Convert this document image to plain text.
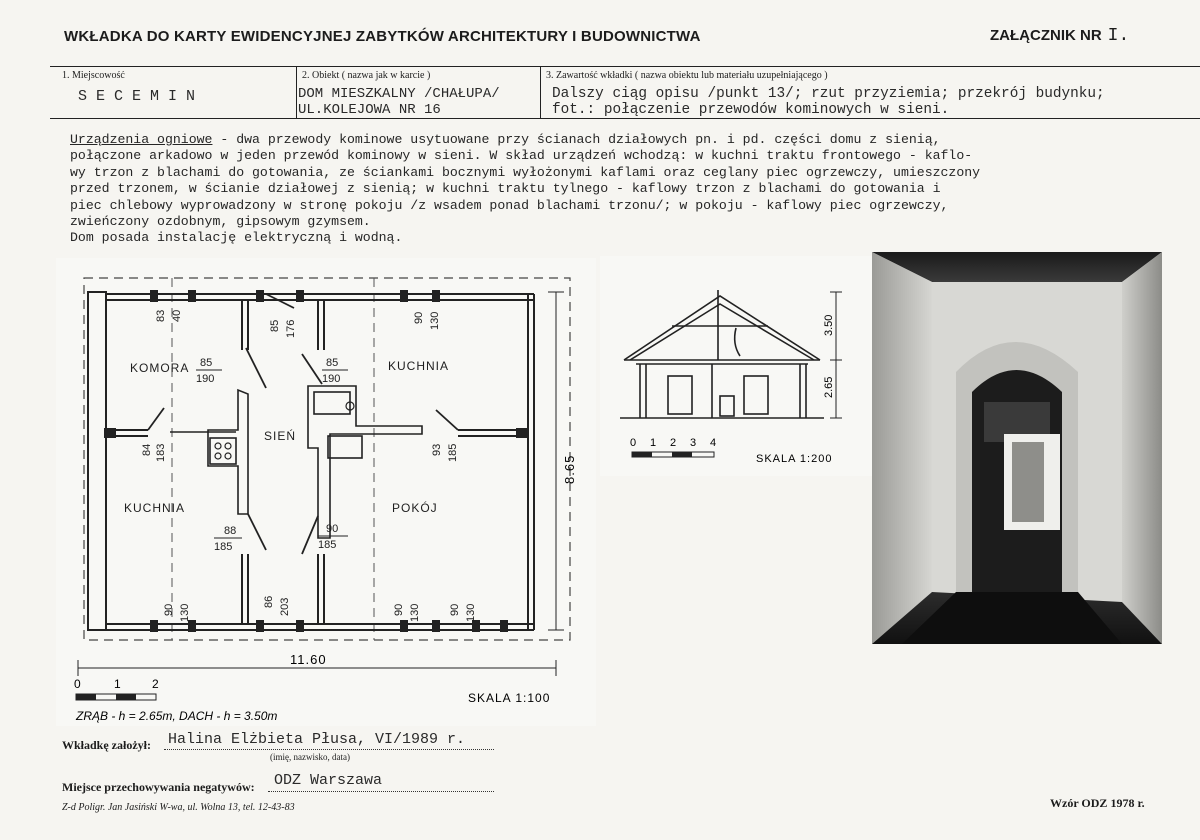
WKŁADKA DO KARTY EWIDENCYJNEJ ZABYTKÓW ARCHITEKTURY I BUDOWNICTWA	ZAŁĄCZNIK NR I.
1. Miejscowość
S E C E M I N
2. Obiekt ( nazwa jak w karcie )
DOM MIESZKALNY /CHAŁUPA/
UL.KOLEJOWA NR 16
3. Zawartość wkładki ( nazwa obiektu lub materiału uzupełniającego )
Dalszy ciąg opisu /punkt 13/; rzut przyziemia; przekrój budynku;
fot.: połączenie przewodów kominowych w sieni.

Urządzenia ogniowe - dwa przewody kominowe usytuowane przy ścianach działowych pn. i pd. części domu z sienią,

połączone arkadowo w jeden przewód kominowy w sieni. W skład urządzeń wchodzą: w kuchni traktu frontowego - kaflo-

wy trzon z blachami do gotowania, ze ściankami bocznymi wyłożonymi kaflami oraz ceglany piec ogrzewczy, umieszczony

przed trzonem, w ścianie działowej z sienią; w kuchni traktu tylnego - kaflowy trzon z blachami do gotowania i

piec chlebowy wyprowadzony w stronę pokoju /z wsadem ponad blachami trzonu/; w pokoju - kaflowy piec ogrzewczy,

zwieńczony ozdobnym, gipsowym gzymsem.

Dom posada instalację elektryczną i wodną.

KOMORA	KUCHNIA
SIEŃ
KUCHNIA	POKÓJ
83 40
85 176
90 130
85
190
85
190
84 183	93 185
88
185
90
185
90 130
86 203	90 130	90 130
11.60
8.65
0	1	2
SKALA 1:100
ZRĄB - h = 2.65m, DACH - h = 3.50m
3.50
2.65
0 1 2 3 4
SKALA 1:200
Wkładkę założył: Halina Elżbieta Płusa, VI/1989 r.
(imię, nazwisko, data)
Miejsce przechowywania negatywów: ODZ Warszawa
Z-d Poligr. Jan Jasiński W-wa, ul. Wolna 13, tel. 12-43-83	Wzór ODZ 1978 r.
